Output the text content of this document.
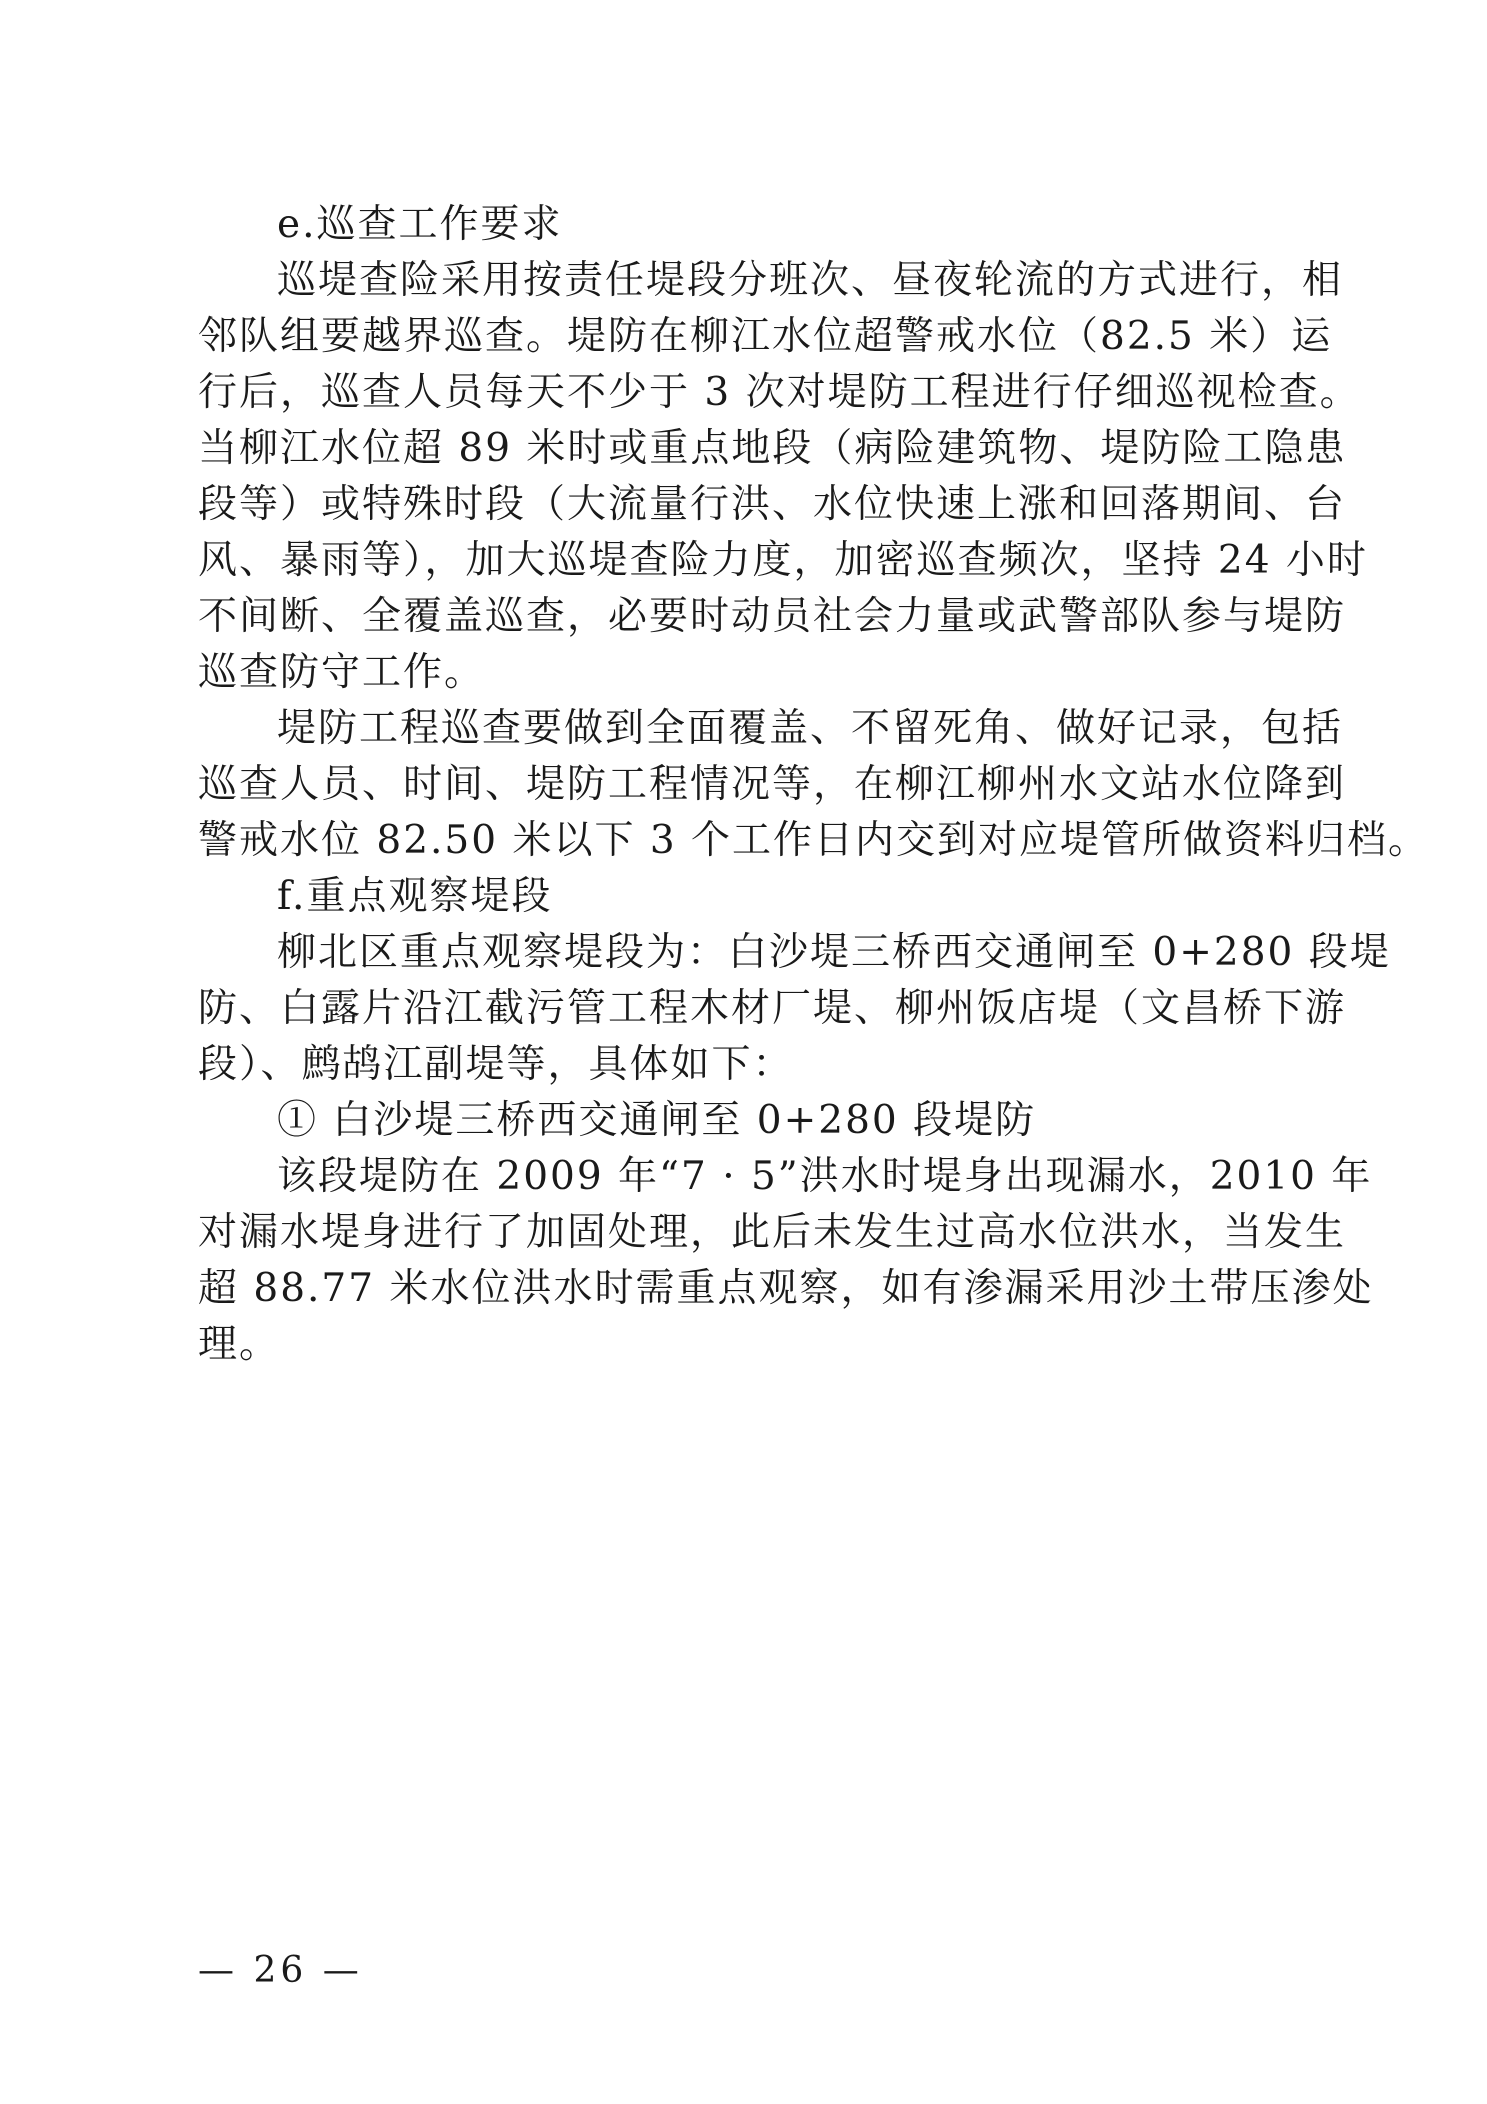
e.巡查工作要求
巡堤查险采用按责任堤段分班次、昼夜轮流的方式进行，相
邻队组要越界巡查。堤防在柳江水位超警戒水位（82.5 米）运
行后，巡查人员每天不少于 3 次对堤防工程进行仔细巡视检查。
当柳江水位超 89 米时或重点地段（病险建筑物、堤防险工隐患
段等）或特殊时段（大流量行洪、水位快速上涨和回落期间、台
风、暴雨等），加大巡堤查险力度，加密巡查频次，坚持 24 小时
不间断、全覆盖巡查，必要时动员社会力量或武警部队参与堤防
巡查防守工作。
堤防工程巡查要做到全面覆盖、不留死角、做好记录，包括
巡查人员、时间、堤防工程情况等，在柳江柳州水文站水位降到
警戒水位 82.50 米以下 3 个工作日内交到对应堤管所做资料归档。
f.重点观察堤段
柳北区重点观察堤段为：白沙堤三桥西交通闸至 0+280 段堤
防、白露片沿江截污管工程木材厂堤、柳州饭店堤（文昌桥下游
段）、鹧鸪江副堤等，具体如下：
① 白沙堤三桥西交通闸至 0+280 段堤防
该段堤防在 2009 年“7 · 5”洪水时堤身出现漏水，2010 年
对漏水堤身进行了加固处理，此后未发生过高水位洪水，当发生
超 88.77 米水位洪水时需重点观察，如有渗漏采用沙土带压渗处
理。
— 26 —
